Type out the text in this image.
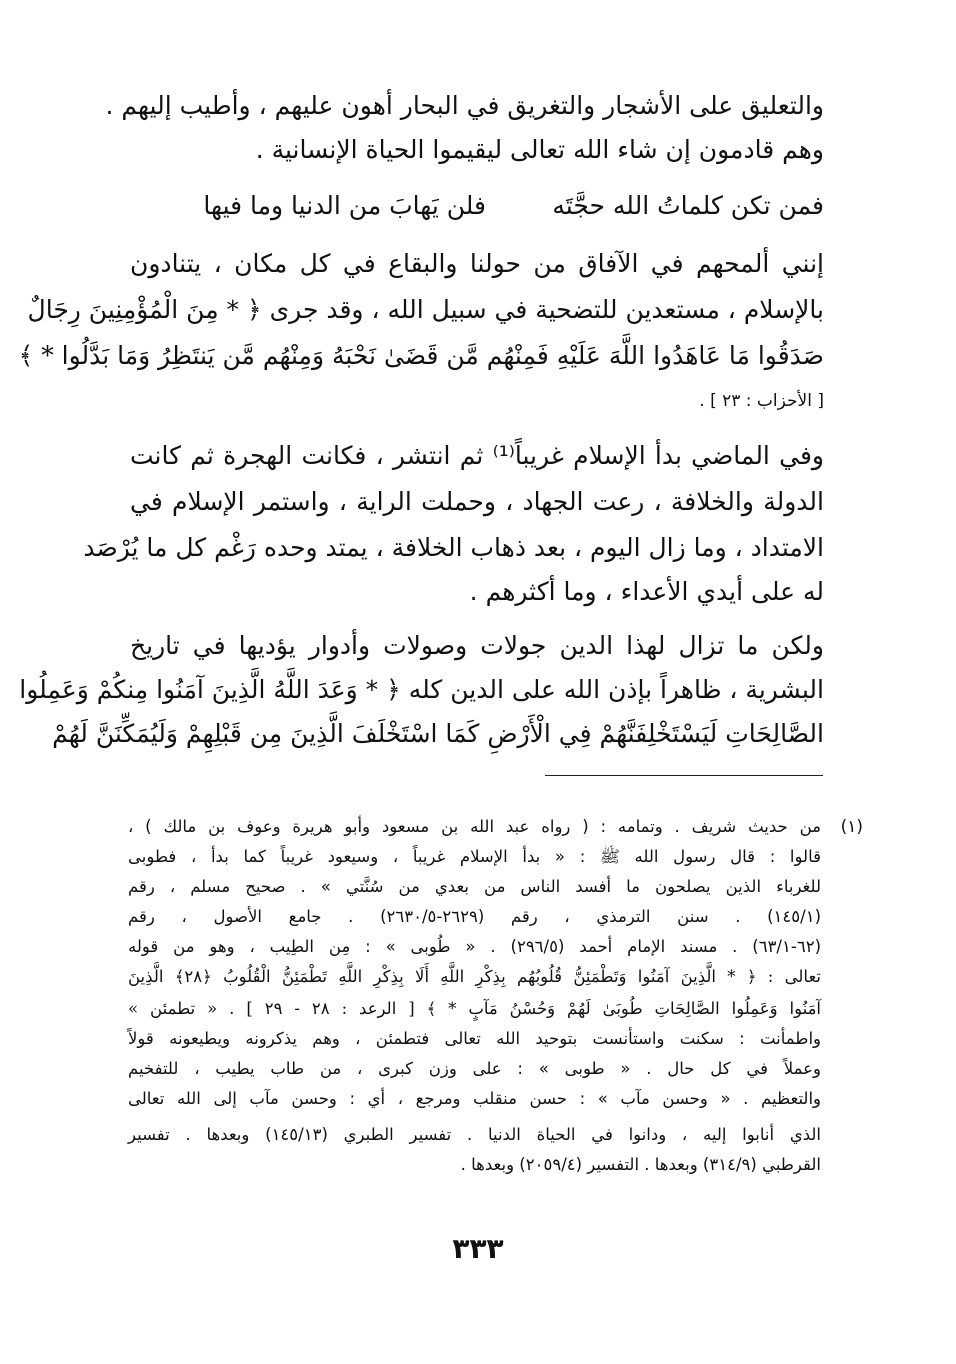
والتعليق على الأشجار والتغريق في البحار أهون عليهم ، وأطيب إليهم .
وهم قادمون إن شاء الله تعالى ليقيموا الحياة الإنسانية .
فمن تكن كلماتُ الله حجَّتَه
فلن يَهابَ من الدنيا وما فيها
إنني ألمحهم في الآفاق من حولنا والبقاع في كل مكان ، يتنادون
بالإسلام ، مستعدين للتضحية في سبيل الله ، وقد جرى ﴿ * مِنَ الْمُؤْمِنِينَ رِجَالٌ
صَدَقُوا مَا عَاهَدُوا اللَّهَ عَلَيْهِ فَمِنْهُم مَّن قَضَىٰ نَحْبَهُ وَمِنْهُم مَّن يَنتَظِرُ وَمَا بَدَّلُوا * ﴾
[ الأحزاب : ٢٣ ] .
وفي الماضي بدأ الإسلام غريباً⁽¹⁾ ثم انتشر ، فكانت الهجرة ثم كانت
الدولة والخلافة ، رعت الجهاد ، وحملت الراية ، واستمر الإسلام في
الامتداد ، وما زال اليوم ، بعد ذهاب الخلافة ، يمتد وحده رَغْم كل ما يُرْصَد
له على أيدي الأعداء ، وما أكثرهم .
ولكن ما تزال لهذا الدين جولات وصولات وأدوار يؤديها في تاريخ
البشرية ، ظاهراً بإذن الله على الدين كله ﴿ * وَعَدَ اللَّهُ الَّذِينَ آمَنُوا مِنكُمْ وَعَمِلُوا
الصَّالِحَاتِ لَيَسْتَخْلِفَنَّهُمْ فِي الْأَرْضِ كَمَا اسْتَخْلَفَ الَّذِينَ مِن قَبْلِهِمْ وَلَيُمَكِّنَنَّ لَهُمْ
(١)
من حديث شريف . وتمامه : ( رواه عبد الله بن مسعود وأبو هريرة وعوف بن مالك ) ،
قالوا : قال رسول الله ﷺ : « بدأ الإسلام غريباً ، وسيعود غريباً كما بدأ ، فطوبى
للغرباء الذين يصلحون ما أفسد الناس من بعدي من سُنَّتي » . صحيح مسلم ، رقم
(١٤٥/١) . سنن الترمذي ، رقم (٢٦٢٩-٢٦٣٠/٥) . جامع الأصول ، رقم
(٦٢-٦٣/١) . مسند الإمام أحمد (٢٩٦/٥) . « طُوبى » : مِن الطِيب ، وهو من قوله
تعالى : ﴿ * الَّذِينَ آمَنُوا وَتَطْمَئِنُّ قُلُوبُهُم بِذِكْرِ اللَّهِ أَلَا بِذِكْرِ اللَّهِ تَطْمَئِنُّ الْقُلُوبُ ﴿٢٨﴾ الَّذِينَ
آمَنُوا وَعَمِلُوا الصَّالِحَاتِ طُوبَىٰ لَهُمْ وَحُسْنُ مَآبٍ * ﴾ [ الرعد : ٢٨ - ٢٩ ] . « تطمئن »
واطمأنت : سكنت واستأنست بتوحيد الله تعالى فتطمئن ، وهم يذكرونه ويطيعونه قولاً
وعملاً في كل حال . « طوبى » : على وزن كبرى ، من طاب يطيب ، للتفخيم
والتعظيم . « وحسن مآب » : حسن منقلب ومرجع ، أي : وحسن مآب إلى الله تعالى
الذي أنابوا إليه ، ودانوا في الحياة الدنيا . تفسير الطبري (١٤٥/١٣) وبعدها . تفسير
القرطبي (٣١٤/٩) وبعدها . التفسير (٢٠٥٩/٤) وبعدها .
٣٣٣
